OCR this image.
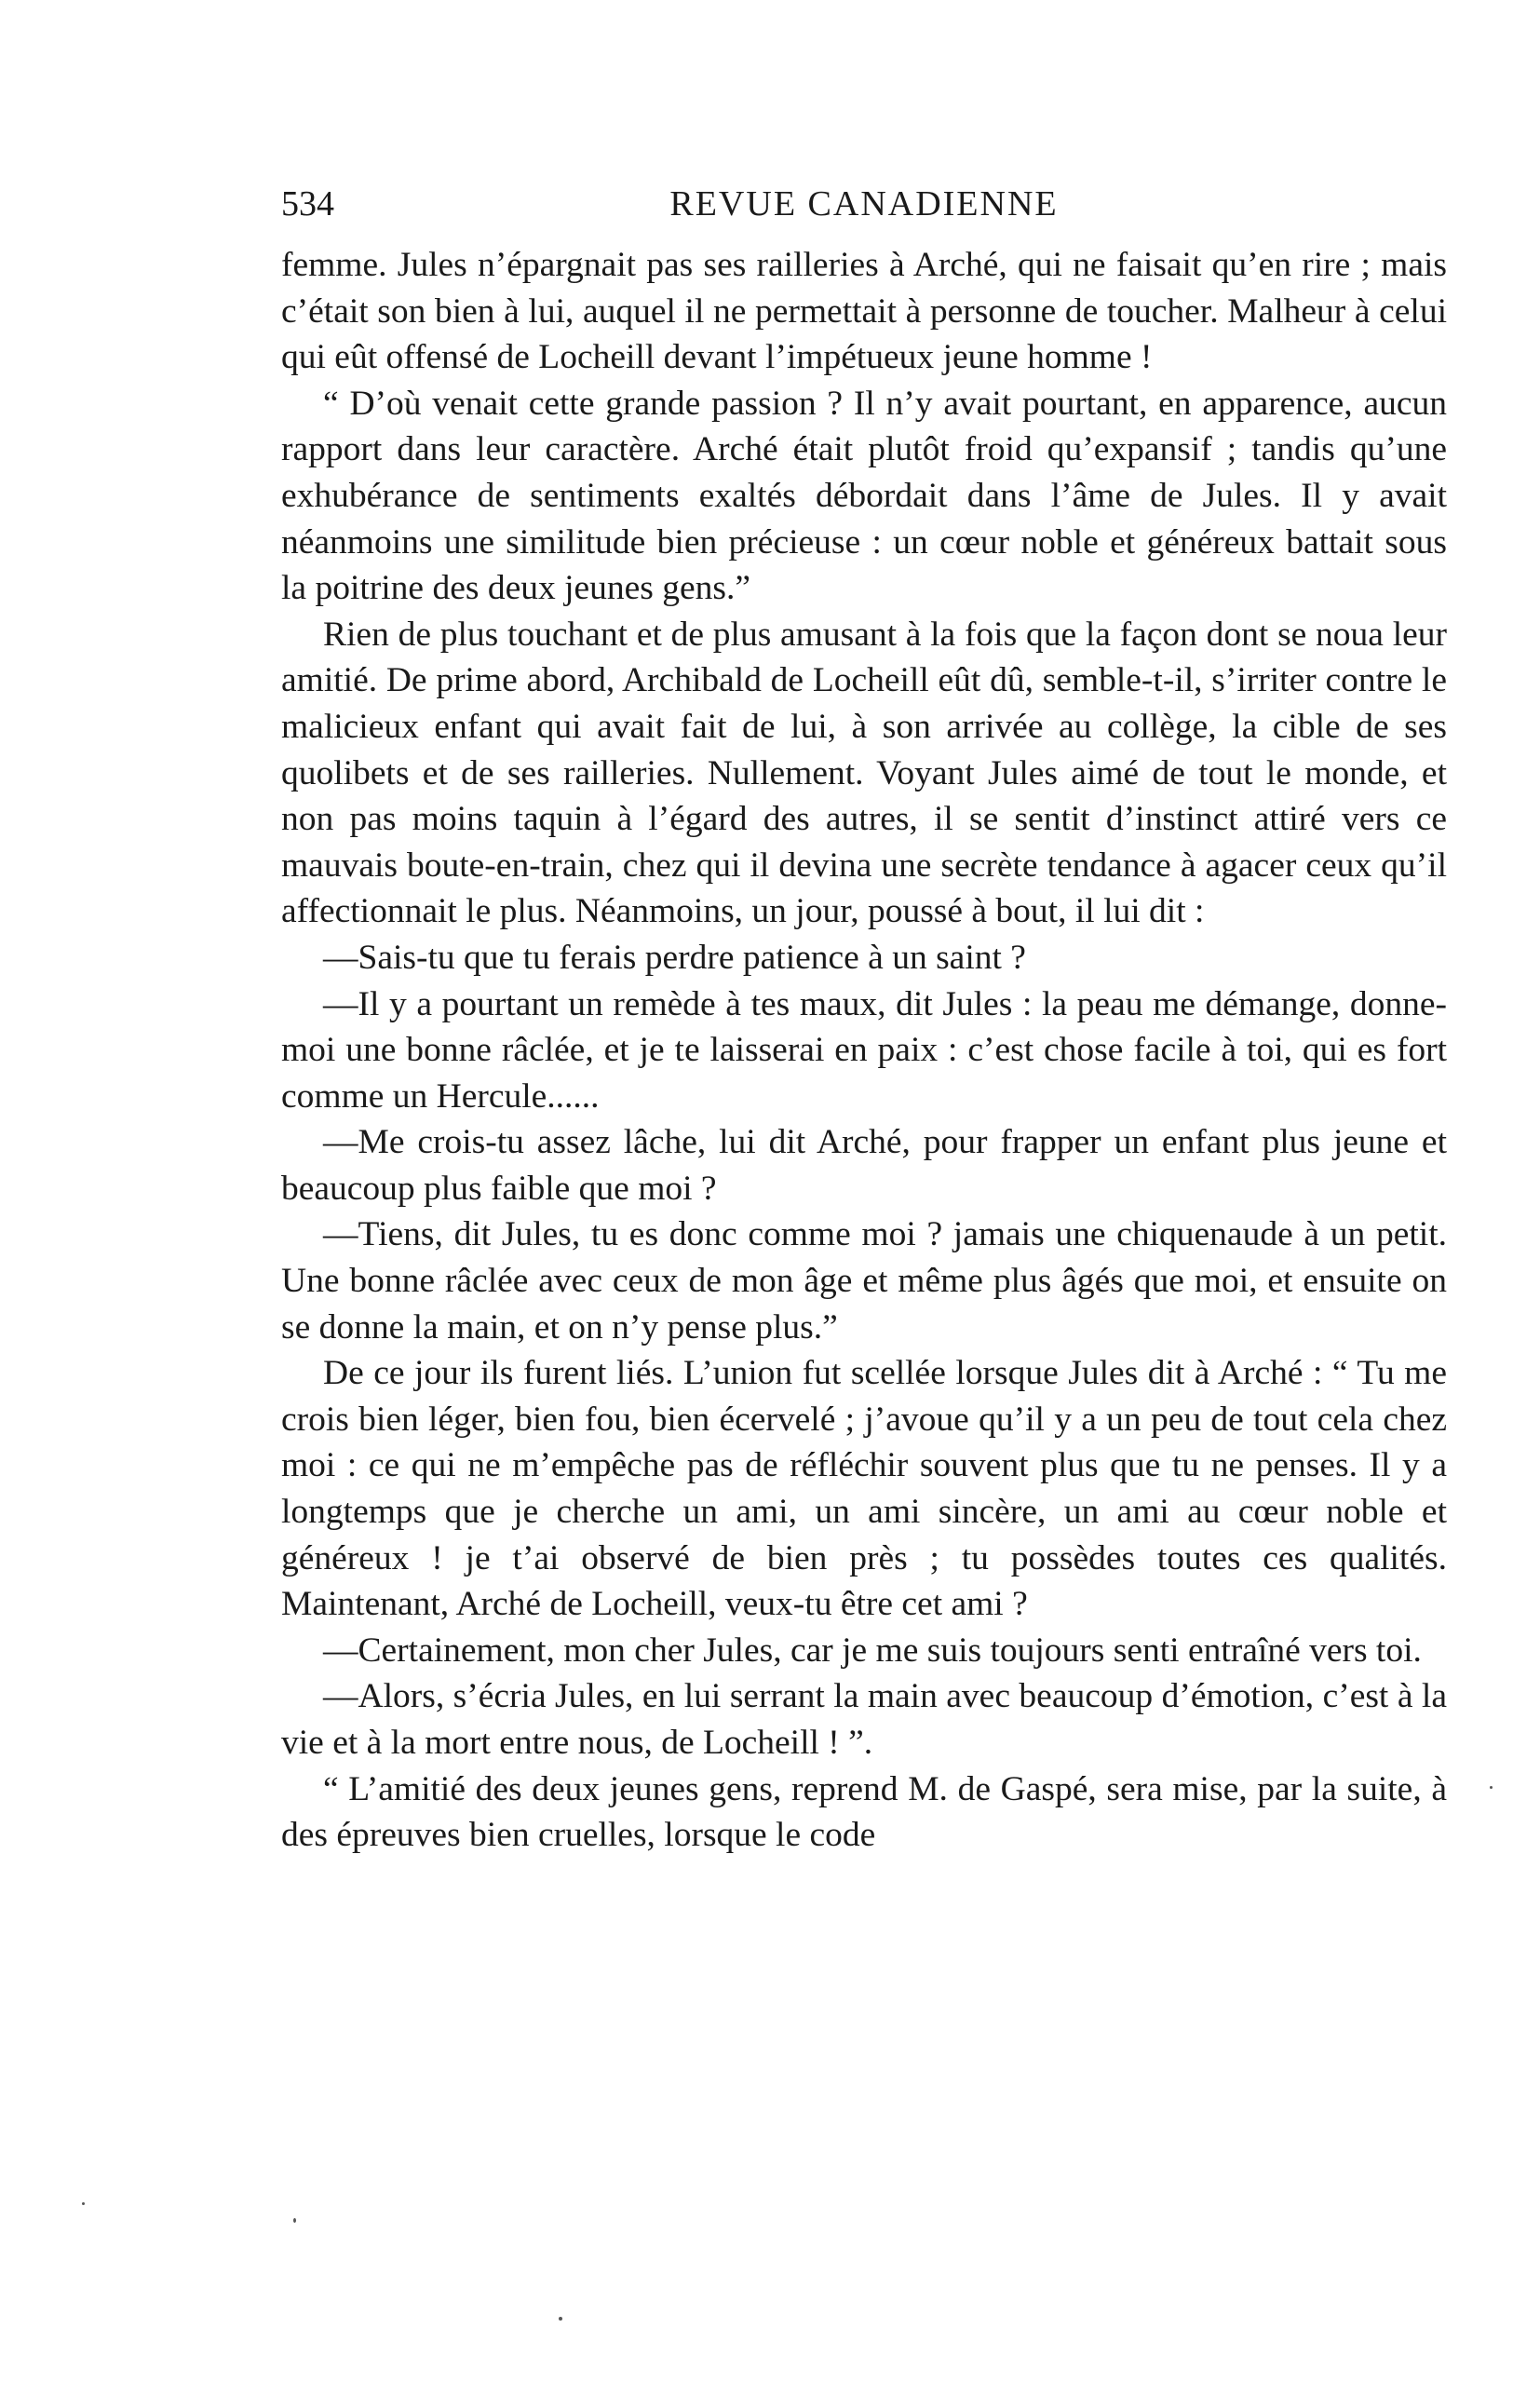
534	REVUE CANADIENNE

femme. Jules n’épargnait pas ses railleries à Arché, qui ne faisait qu’en rire ; mais c’était son bien à lui, auquel il ne permettait à personne de toucher. Malheur à celui qui eût offensé de Locheill devant l’impétueux jeune homme !

“ D’où venait cette grande passion ? Il n’y avait pourtant, en apparence, aucun rapport dans leur caractère. Arché était plutôt froid qu’expansif ; tandis qu’une exhubérance de sentiments exaltés débordait dans l’âme de Jules. Il y avait néanmoins une similitude bien précieuse : un cœur noble et généreux battait sous la poitrine des deux jeunes gens.”

Rien de plus touchant et de plus amusant à la fois que la façon dont se noua leur amitié. De prime abord, Archibald de Locheill eût dû, semble-t-il, s’irriter contre le malicieux enfant qui avait fait de lui, à son arrivée au collège, la cible de ses quolibets et de ses railleries. Nullement. Voyant Jules aimé de tout le monde, et non pas moins taquin à l’égard des autres, il se sentit d’instinct attiré vers ce mauvais boute-en-train, chez qui il devina une secrète tendance à agacer ceux qu’il affectionnait le plus. Néanmoins, un jour, poussé à bout, il lui dit :

—Sais-tu que tu ferais perdre patience à un saint ?

—Il y a pourtant un remède à tes maux, dit Jules : la peau me démange, donne-moi une bonne râclée, et je te laisserai en paix : c’est chose facile à toi, qui es fort comme un Hercule......

—Me crois-tu assez lâche, lui dit Arché, pour frapper un enfant plus jeune et beaucoup plus faible que moi ?

—Tiens, dit Jules, tu es donc comme moi ? jamais une chiquenaude à un petit. Une bonne râclée avec ceux de mon âge et même plus âgés que moi, et ensuite on se donne la main, et on n’y pense plus.”

De ce jour ils furent liés. L’union fut scellée lorsque Jules dit à Arché : “ Tu me crois bien léger, bien fou, bien écervelé ; j’avoue qu’il y a un peu de tout cela chez moi : ce qui ne m’empêche pas de réfléchir souvent plus que tu ne penses. Il y a longtemps que je cherche un ami, un ami sincère, un ami au cœur noble et généreux ! je t’ai observé de bien près ; tu possèdes toutes ces qualités. Maintenant, Arché de Locheill, veux-tu être cet ami ?

—Certainement, mon cher Jules, car je me suis toujours senti entraîné vers toi.

—Alors, s’écria Jules, en lui serrant la main avec beaucoup d’émotion, c’est à la vie et à la mort entre nous, de Locheill ! ”.

“ L’amitié des deux jeunes gens, reprend M. de Gaspé, sera mise, par la suite, à des épreuves bien cruelles, lorsque le code
